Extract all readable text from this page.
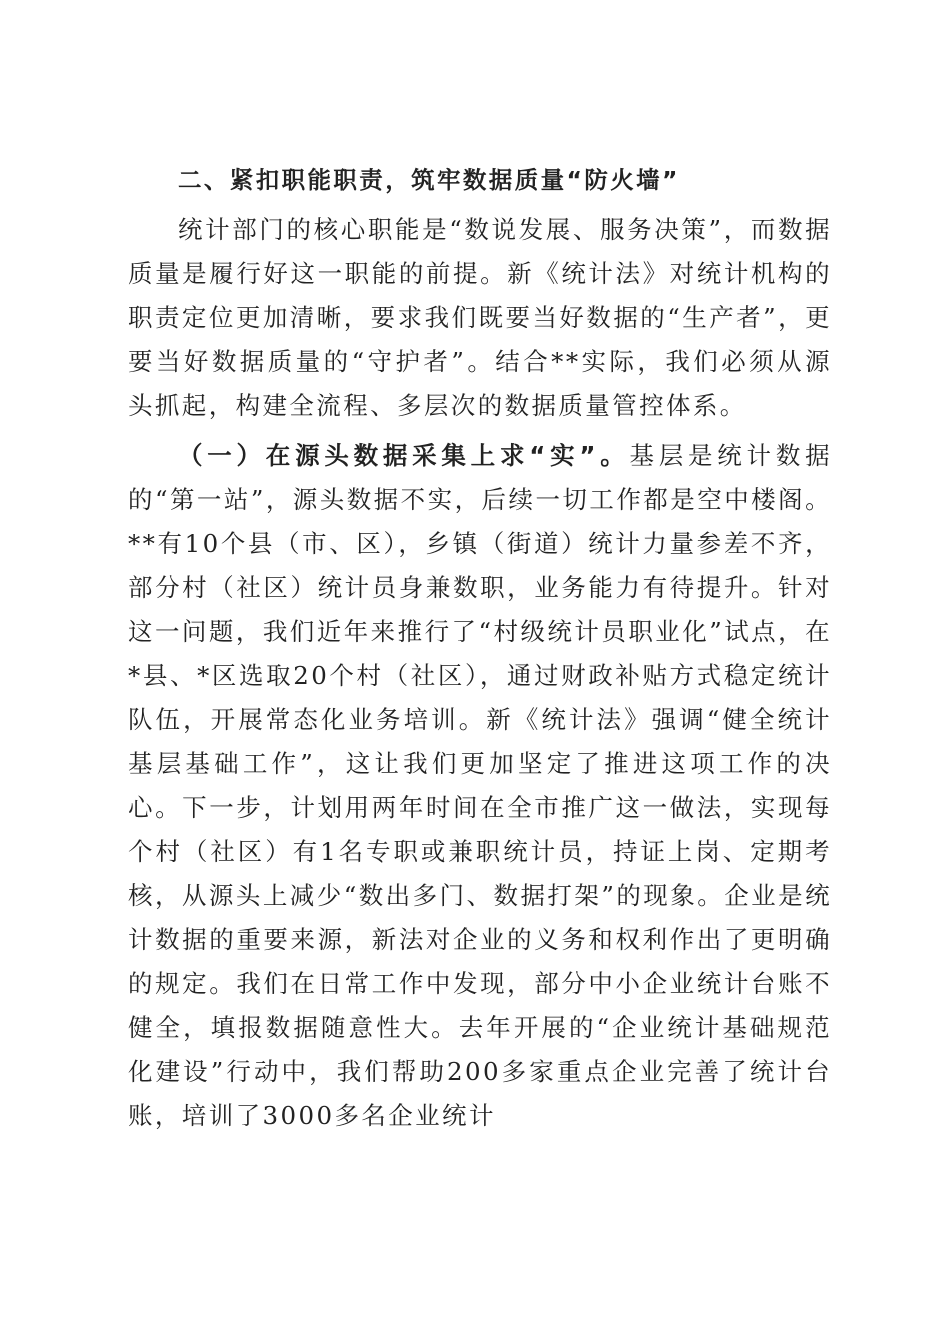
二、紧扣职能职责，筑牢数据质量“防火墙”

统计部门的核心职能是“数说发展、服务决策”，而数据质量是履行好这一职能的前提。新《统计法》对统计机构的职责定位更加清晰，要求我们既要当好数据的“生产者”，更要当好数据质量的“守护者”。结合**实际，我们必须从源头抓起，构建全流程、多层次的数据质量管控体系。

（一）在源头数据采集上求“实”。基层是统计数据的“第一站”，源头数据不实，后续一切工作都是空中楼阁。**有10个县（市、区），乡镇（街道）统计力量参差不齐，部分村（社区）统计员身兼数职，业务能力有待提升。针对这一问题，我们近年来推行了“村级统计员职业化”试点，在*县、*区选取20个村（社区），通过财政补贴方式稳定统计队伍，开展常态化业务培训。新《统计法》强调“健全统计基层基础工作”，这让我们更加坚定了推进这项工作的决心。下一步，计划用两年时间在全市推广这一做法，实现每个村（社区）有1名专职或兼职统计员，持证上岗、定期考核，从源头上减少“数出多门、数据打架”的现象。企业是统计数据的重要来源，新法对企业的义务和权利作出了更明确的规定。我们在日常工作中发现，部分中小企业统计台账不健全，填报数据随意性大。去年开展的“企业统计基础规范化建设”行动中，我们帮助200多家重点企业完善了统计台账，培训了3000多名企业统计
